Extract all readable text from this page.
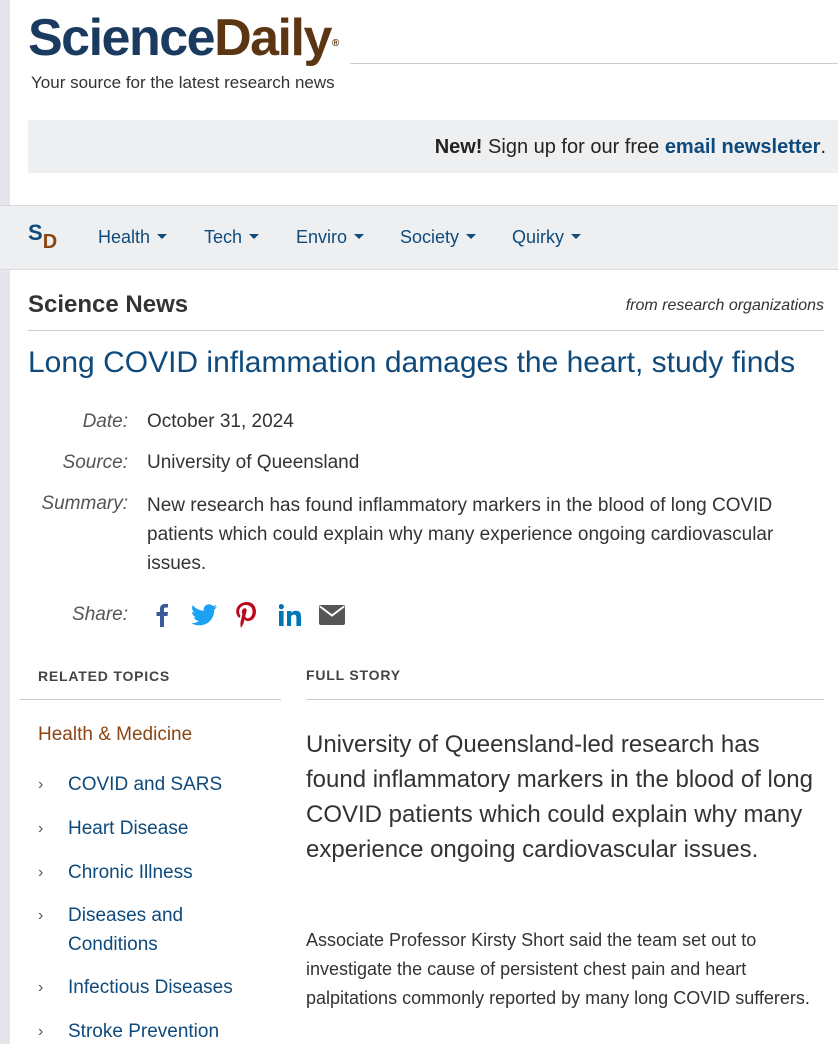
ScienceDaily®
Your source for the latest research news
New! Sign up for our free email newsletter.
SD Health	Tech	Enviro	Society	Quirky
Science News	from research organizations
Long COVID inflammation damages the heart, study finds
Date: October 31, 2024
Source: University of Queensland
Summary: New research has found inflammatory markers in the blood of long COVID patients which could explain why many experience ongoing cardiovascular issues.
Share:
RELATED TOPICS
Health & Medicine
› COVID and SARS
› Heart Disease
› Chronic Illness
› Diseases and Conditions
› Infectious Diseases
› Stroke Prevention
FULL STORY
University of Queensland-led research has found inflammatory markers in the blood of long COVID patients which could explain why many experience ongoing cardiovascular issues.
Associate Professor Kirsty Short said the team set out to investigate the cause of persistent chest pain and heart palpitations commonly reported by many long COVID sufferers.
